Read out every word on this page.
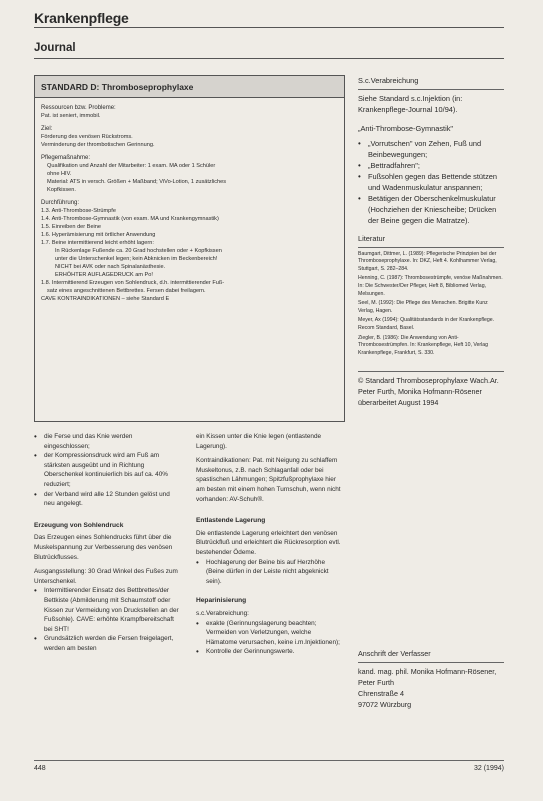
Krankenpflege
Journal
STANDARD D: Thromboseprophylaxe
Ressourcen bzw. Probleme:
Pat. ist seniert, immobil.
Ziel:
Förderung des venösen Rückstroms.
Verminderung der thrombotischen Gerinnung.
Pflegemaßnahme:
Qualifikation und Anzahl der Mitarbeiter: 1 exam. MA oder 1 Schüler
ohne HIV.
Material: ATS in versch. Größen + Maßband; ViVo-Lotion, 1 zusätzliches
Kopfkissen.
Durchführung:
1.3. Anti-Thrombose-Strümpfe
1.4. Anti-Thrombose-Gymnastik (von exam. MA und Krankengymnastik)
1.5. Einreiben der Beine
1.6. Hyperämisierung mit örtlicher Anwendung
1.7. Beine intermittierend leicht erhöht lagern:
In Rückenlage Fußende ca. 20 Grad hochstellen oder + Kopfkissen
unter die Unterschenkel legen; kein Abknicken im Beckenbereich!
NICHT bei AVK oder nach Spinalanästhesie.
ERHÖHTER AUFLAGEDRUCK am Po!
1.8. Intermittierend Erzeugen von Sohlendruck, d.h. intermittierender Fuß-
satz eines angeschnittenen Bettbrettes. Fersen dabei freilagern.
CAVE KONTRAINDIKATIONEN – siehe Standard E
• die Ferse und das Knie werden eingeschlossen;
• der Kompressionsdruck wird am Fuß am stärksten ausgeübt und in Richtung Oberschenkel kontinuierlich bis auf ca. 40% reduziert;
• der Verband wird alle 12 Stunden gelöst und neu angelegt.
Erzeugung von Sohlendruck

Das Erzeugen eines Sohlendrucks führt über die Muskelspannung zur Verbesserung des venösen Blutrückflusses.

Ausgangsstellung: 30 Grad Winkel des Fußes zum Unterschenkel.

• Intermittierender Einsatz des Bettbrettes/der Bettkiste (Abmilderung mit Schaumstoff oder Kissen zur Vermeidung von Druckstellen an der Fußsohle). CAVE: erhöhte Krampfbereitschaft bei SHT!
• Grundsätzlich werden die Fersen freigelagert, werden am besten

ein Kissen unter die Knie legen (entlastende Lagerung).

Kontraindikationen: Pat. mit Neigung zu schlaffem Muskeltonus, z.B. nach Schlaganfall oder bei spastischen Lähmungen; Spitzfußprophylaxe hier am besten mit einem hohen Turnschuh, wenn nicht vorhanden: AV-Schuh®.

Entlastende Lagerung

Die entlastende Lagerung erleichtert den venösen Blutrückfluß und erleichtert die Rückresorption evtl. bestehender Ödeme.

• Hochlagerung der Beine bis auf Herzhöhe (Beine dürfen in der Leiste nicht abgeknickt sein).
Heparinisierung

s.c.Verabreichung:

• exakte (Gerinnungslagerung beachten; Vermeiden von Verletzungen, welche Hämatome verursachen, keine i.m.Injektionen);
• Kontrolle der Gerinnungswerte.
S.c.Verabreichung

Siehe Standard s.c.Injektion (in: Krankenpflege-Journal 10/94).

„Anti-Thrombose-Gymnastik"

• „Vorrutschen" von Zehen, Fuß und Beinbewegungen;
• „Bettradfahren";
• Fußsohlen gegen das Bettende stützen und Wadenmuskulatur anspannen;
• Betätigen der Oberschenkelmuskulatur (Hochziehen der Kniescheibe; Drücken der Beine gegen die Matratze).
Literatur
Baumgart, Dittmer, L. (1989): Pflegerische Prinzipien bei der Thromboseprophylaxe. In: DKZ, Heft 4. Kohlhammer Verlag, Stuttgart, S. 282–284.
Henning, C. (1987): Thrombosestrümpfe, venöse Maßnahmen. In: Die Schwester/Der Pfleger, Heft 8, Bibliomed Verlag, Melsungen.
Seel, M. (1992): Die Pflege des Menschen. Brigitte Kunz Verlag, Hagen.
Meyer, Ax (1994): Qualitätsstandards in der Krankenpflege. Recom Standard, Basel.
Ziegler, B. (1986): Die Anwendung von Anti-Thrombosestrümpfen. In: Krankenpflege, Heft 10, Verlag Krankenpflege, Frankfurt, S. 330.

© Standard Thromboseprophylaxe Wach.Ar. Peter Furth, Monika Hofmann-Rösener überarbeitet August 1994

Anschrift der Verfasser
kand. mag. phil. Monika Hofmann-Rösener,
Peter Furth
Chrenstraße 4
97072 Würzburg
448	32 (1994)
